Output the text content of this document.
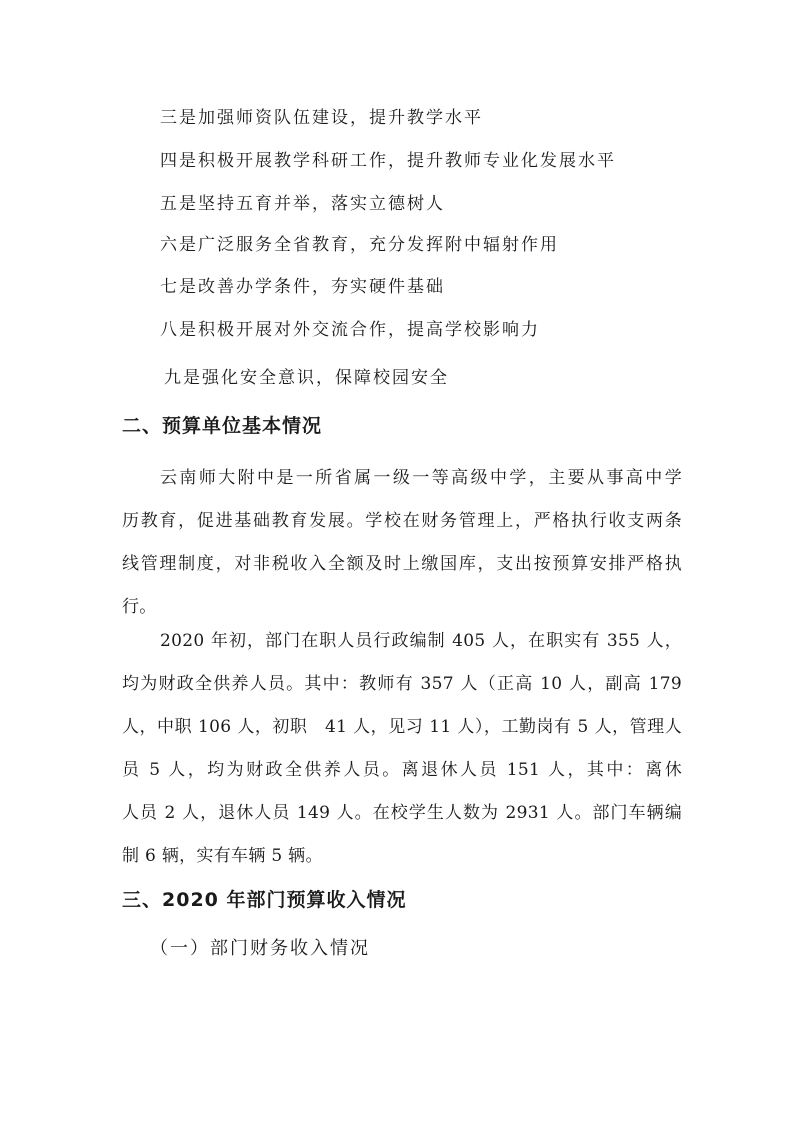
三是加强师资队伍建设，提升教学水平
四是积极开展教学科研工作，提升教师专业化发展水平
五是坚持五育并举，落实立德树人
六是广泛服务全省教育，充分发挥附中辐射作用
七是改善办学条件，夯实硬件基础
八是积极开展对外交流合作，提高学校影响力
九是强化安全意识，保障校园安全
二、预算单位基本情况
云南师大附中是一所省属一级一等高级中学，主要从事高中学
历教育，促进基础教育发展。学校在财务管理上，严格执行收支两条
线管理制度，对非税收入全额及时上缴国库，支出按预算安排严格执
行。
2020 年初，部门在职人员行政编制 405 人，在职实有 355 人，
均为财政全供养人员。其中：教师有 357 人（正高 10 人，副高 179
人，中职 106 人，初职　41 人，见习 11 人），工勤岗有 5 人，管理人
员 5 人，均为财政全供养人员。离退休人员 151 人，其中：离休
人员 2 人，退休人员 149 人。在校学生人数为 2931 人。部门车辆编
制 6 辆，实有车辆 5 辆。
三、2020 年部门预算收入情况
（一）部门财务收入情况
